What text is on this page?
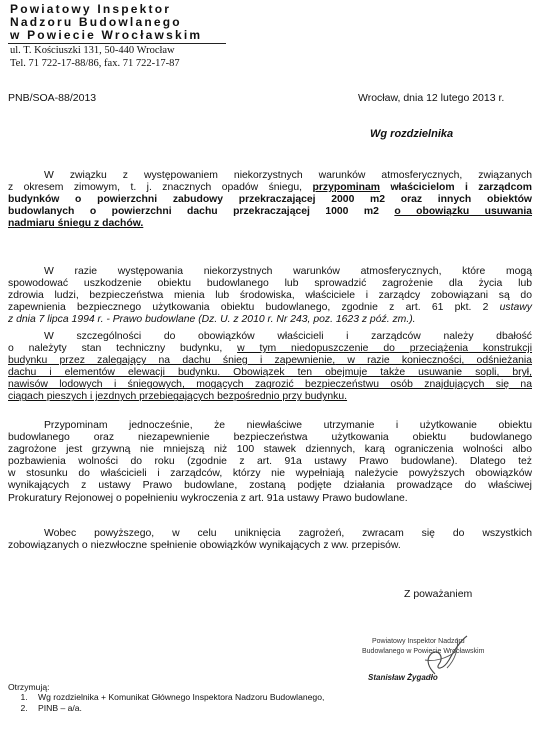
Powiatowy Inspektor
Nadzoru Budowlanego
w Powiecie Wrocławskim
ul. T. Kościuszki 131, 50-440 Wrocław
Tel. 71 722-17-88/86, fax. 71 722-17-87
PNB/SOA-88/2013	Wrocław, dnia 12 lutego 2013 r.
Wg rozdzielnika
W związku z występowaniem niekorzystnych warunków atmosferycznych, związanych
z okresem zimowym, t. j. znacznych opadów śniegu, przypominam właścicielom i zarządcom
budynków o powierzchni zabudowy przekraczającej 2000 m2 oraz innych obiektów
budowlanych o powierzchni dachu przekraczającej 1000 m2 o obowiązku usuwania
nadmiaru śniegu z dachów.
W razie występowania niekorzystnych warunków atmosferycznych, które mogą
spowodować uszkodzenie obiektu budowlanego lub sprowadzić zagrożenie dla życia lub
zdrowia ludzi, bezpieczeństwa mienia lub środowiska, właściciele i zarządcy zobowiązani są do
zapewnienia bezpiecznego użytkowania obiektu budowlanego, zgodnie z art. 61 pkt. 2 ustawy
z dnia 7 lipca 1994 r. - Prawo budowlane (Dz. U. z 2010 r. Nr 243, poz. 1623 z póź. zm.).
W szczególności do obowiązków właścicieli i zarządców należy dbałość
o należyty stan techniczny budynku, w tym niedopuszczenie do przeciążenia konstrukcji
budynku przez zalegający na dachu śnieg i zapewnienie, w razie konieczności, odśnieżania
dachu i elementów elewacji budynku. Obowiązek ten obejmuje także usuwanie sopli, brył,
nawisów lodowych i śniegowych, mogących zagrozić bezpieczeństwu osób znajdujących się na
ciągach pieszych i jezdnych przebiegających bezpośrednio przy budynku.
Przypominam jednocześnie, że niewłaściwe utrzymanie i użytkowanie obiektu
budowlanego oraz niezapewnienie bezpieczeństwa użytkowania obiektu budowlanego
zagrożone jest grzywną nie mniejszą niż 100 stawek dziennych, karą ograniczenia wolności albo
pozbawienia wolności do roku (zgodnie z art. 91a ustawy Prawo budowlane). Dlatego też
w stosunku do właścicieli i zarządców, którzy nie wypełniają należycie powyższych obowiązków
wynikających z ustawy Prawo budowlane, zostaną podjęte działania prowadzące do właściwej
Prokuratury Rejonowej o popełnieniu wykroczenia z art. 91a ustawy Prawo budowlane.
Wobec powyższego, w celu uniknięcia zagrożeń, zwracam się do wszystkich
zobowiązanych o niezwłoczne spełnienie obowiązków wynikających z ww. przepisów.
Z poważaniem
Powiatowy Inspektor Nadzoru
Budowlanego w Powiecie Wrocławskim
Stanisław Żygadło
Otrzymują:
1. Wg rozdzielnika + Komunikat Głównego Inspektora Nadzoru Budowlanego,
2. PINB – a/a.
